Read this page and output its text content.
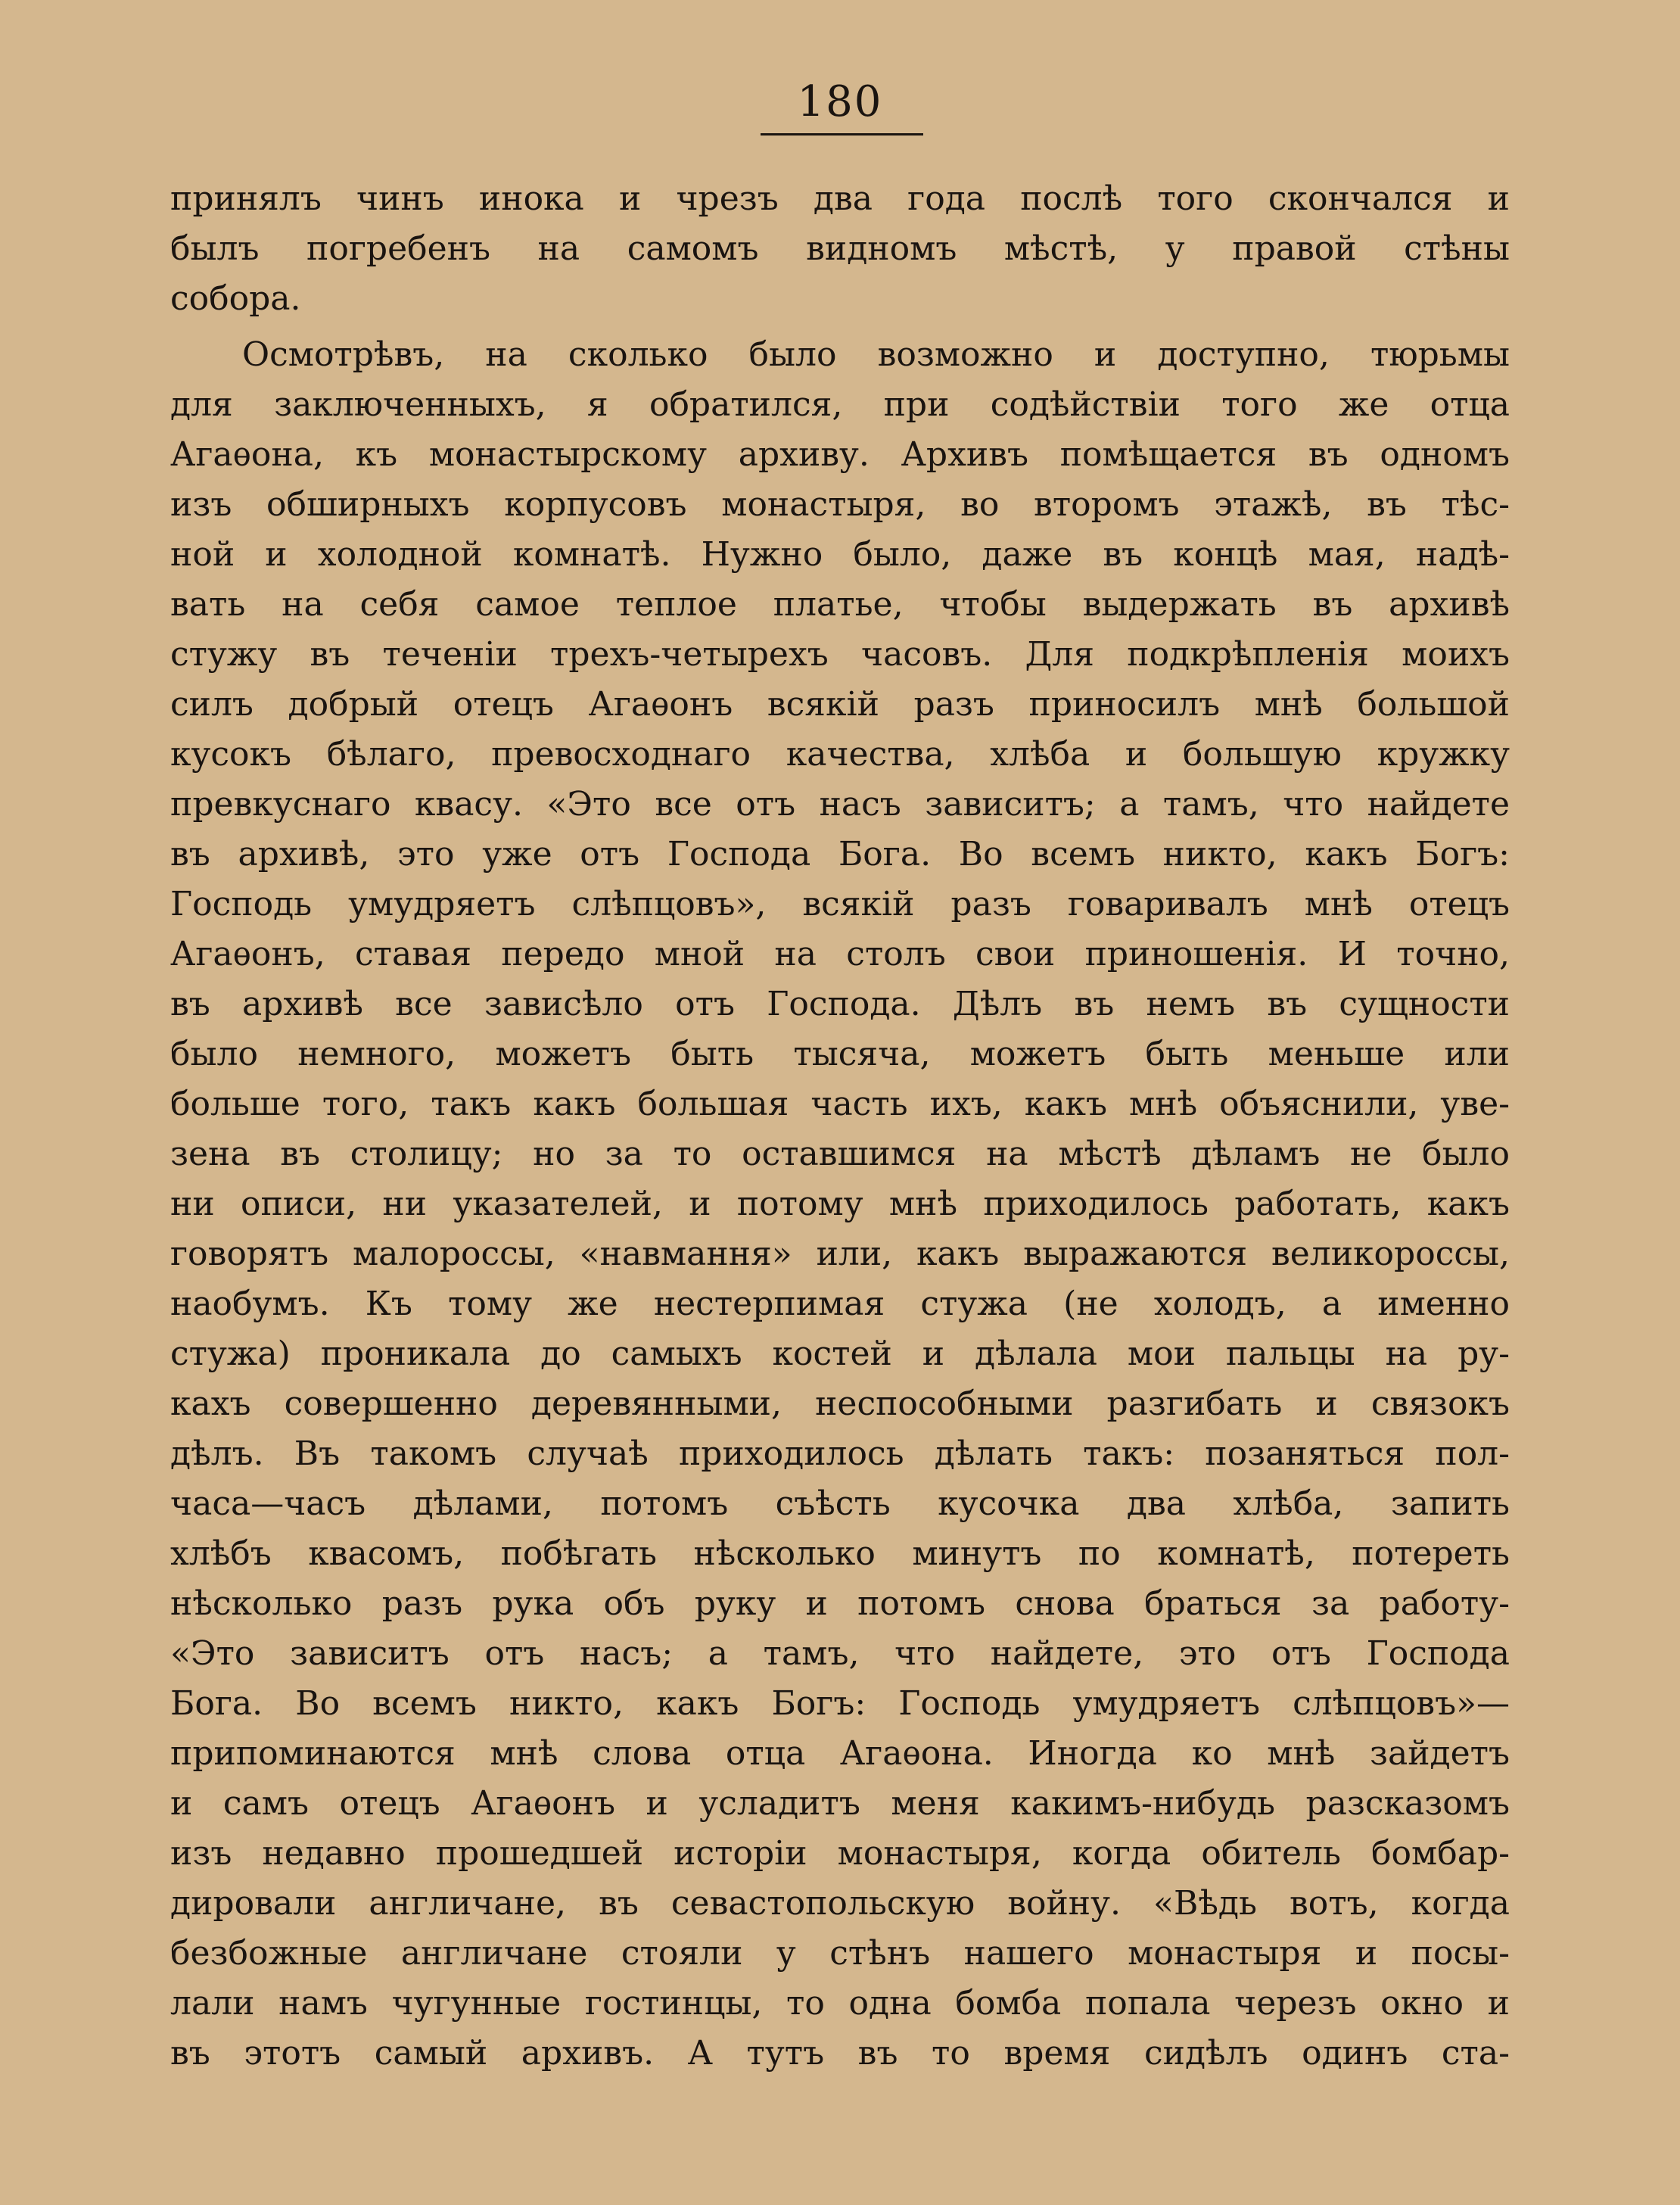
180
принялъ чинъ инока и чрезъ два года послѣ того скончался и
былъ погребенъ на самомъ видномъ мѣстѣ, у правой стѣны
собора.
Осмотрѣвъ, на сколько было возможно и доступно, тюрьмы
для заключенныхъ, я обратился, при содѣйствіи того же отца
Агаѳона, къ монастырскому архиву. Архивъ помѣщается въ одномъ
изъ обширныхъ корпусовъ монастыря, во второмъ этажѣ, въ тѣс-
ной и холодной комнатѣ. Нужно было, даже въ концѣ мая, надѣ-
вать на себя самое теплое платье, чтобы выдержать въ архивѣ
стужу въ теченіи трехъ-четырехъ часовъ. Для подкрѣпленія моихъ
силъ добрый отецъ Агаѳонъ всякій разъ приносилъ мнѣ большой
кусокъ бѣлаго, превосходнаго качества, хлѣба и большую кружку
превкуснаго квасу. «Это все отъ насъ зависитъ; а тамъ, что найдете
въ архивѣ, это уже отъ Господа Бога. Во всемъ никто, какъ Богъ:
Господь умудряетъ слѣпцовъ», всякій разъ говаривалъ мнѣ отецъ
Агаѳонъ, ставая передо мной на столъ свои приношенія. И точно,
въ архивѣ все зависѣло отъ Господа. Дѣлъ въ немъ въ сущности
было немного, можетъ быть тысяча, можетъ быть меньше или
больше того, такъ какъ большая часть ихъ, какъ мнѣ объяснили, уве-
зена въ столицу; но за то оставшимся на мѣстѣ дѣламъ не было
ни описи, ни указателей, и потому мнѣ приходилось работать, какъ
говорятъ малороссы, «навмання» или, какъ выражаются великороссы,
наобумъ. Къ тому же нестерпимая стужа (не холодъ, а именно
стужа) проникала до самыхъ костей и дѣлала мои пальцы на ру-
кахъ совершенно деревянными, неспособными разгибать и связокъ
дѣлъ. Въ такомъ случаѣ приходилось дѣлать такъ: позаняться пол-
часа—часъ дѣлами, потомъ съѣсть кусочка два хлѣба, запить
хлѣбъ квасомъ, побѣгать нѣсколько минутъ по комнатѣ, потереть
нѣсколько разъ рука объ руку и потомъ снова браться за работу-
«Это зависитъ отъ насъ; а тамъ, что найдете, это отъ Господа
Бога. Во всемъ никто, какъ Богъ: Господь умудряетъ слѣпцовъ»—
припоминаются мнѣ слова отца Агаѳона. Иногда ко мнѣ зайдетъ
и самъ отецъ Агаѳонъ и усладитъ меня какимъ-нибудь разсказомъ
изъ недавно прошедшей исторіи монастыря, когда обитель бомбар-
дировали англичане, въ севастопольскую войну. «Вѣдь вотъ, когда
безбожные англичане стояли у стѣнъ нашего монастыря и посы-
лали намъ чугунные гостинцы, то одна бомба попала черезъ окно и
въ этотъ самый архивъ. А тутъ въ то время сидѣлъ одинъ ста-
